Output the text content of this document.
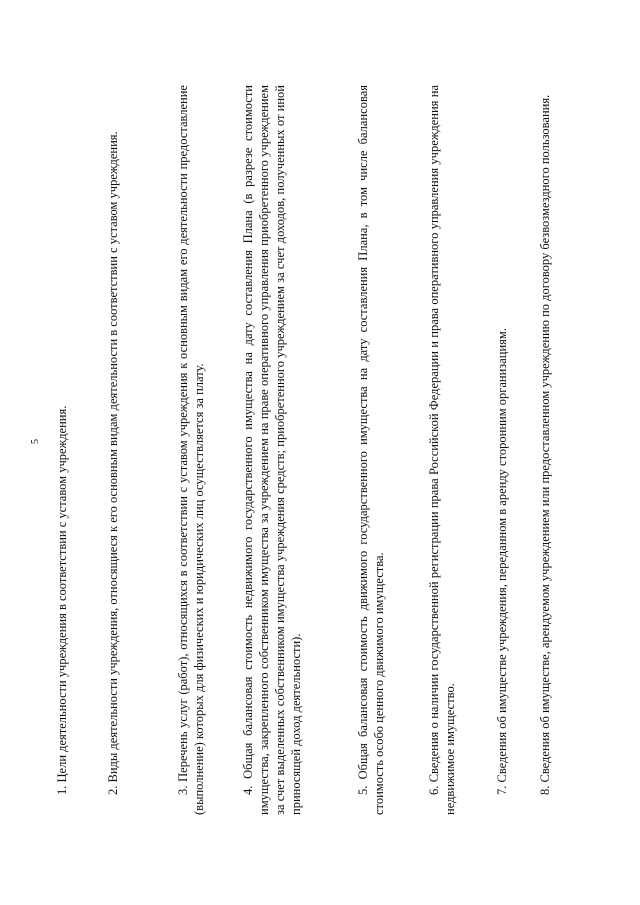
5 1. Цели деятельности учреждения в соответствии с уставом учреждения.	2. Виды деятельности учреждения, относящиеся к его основным видам деятельности в соответствии с уставом учреждения.	3. Перечень услуг (работ), относящихся в соответствии с уставом учреждения к основным видам его деятельности предоставление (выполнение) которых для физических и юридических лиц осуществляется за плату.	4. Общая балансовая стоимость недвижимого государственного имущества на дату составления Плана (в разрезе стоимости имущества, закрепленного собственником имущества за учреждением на праве оперативного управления приобретенного учреждением за счет выделенных собственником имущества учреждения средств; приобретенного учреждением за счет доходов, полученных от иной приносящей доход деятельности).	5. Общая балансовая стоимость движимого государственного имущества на дату составления Плана, в том числе балансовая стоимость особо ценного движимого имущества.	6. Сведения о наличии государственной регистрации права Российской Федерации и права оперативного управления учреждения на недвижимое имущество.	7. Сведения об имуществе учреждения, переданном в аренду сторонним организациям. 8. Сведения об имуществе, арендуемом учреждением или предоставленном учреждению по договору безвозмездного пользования.
